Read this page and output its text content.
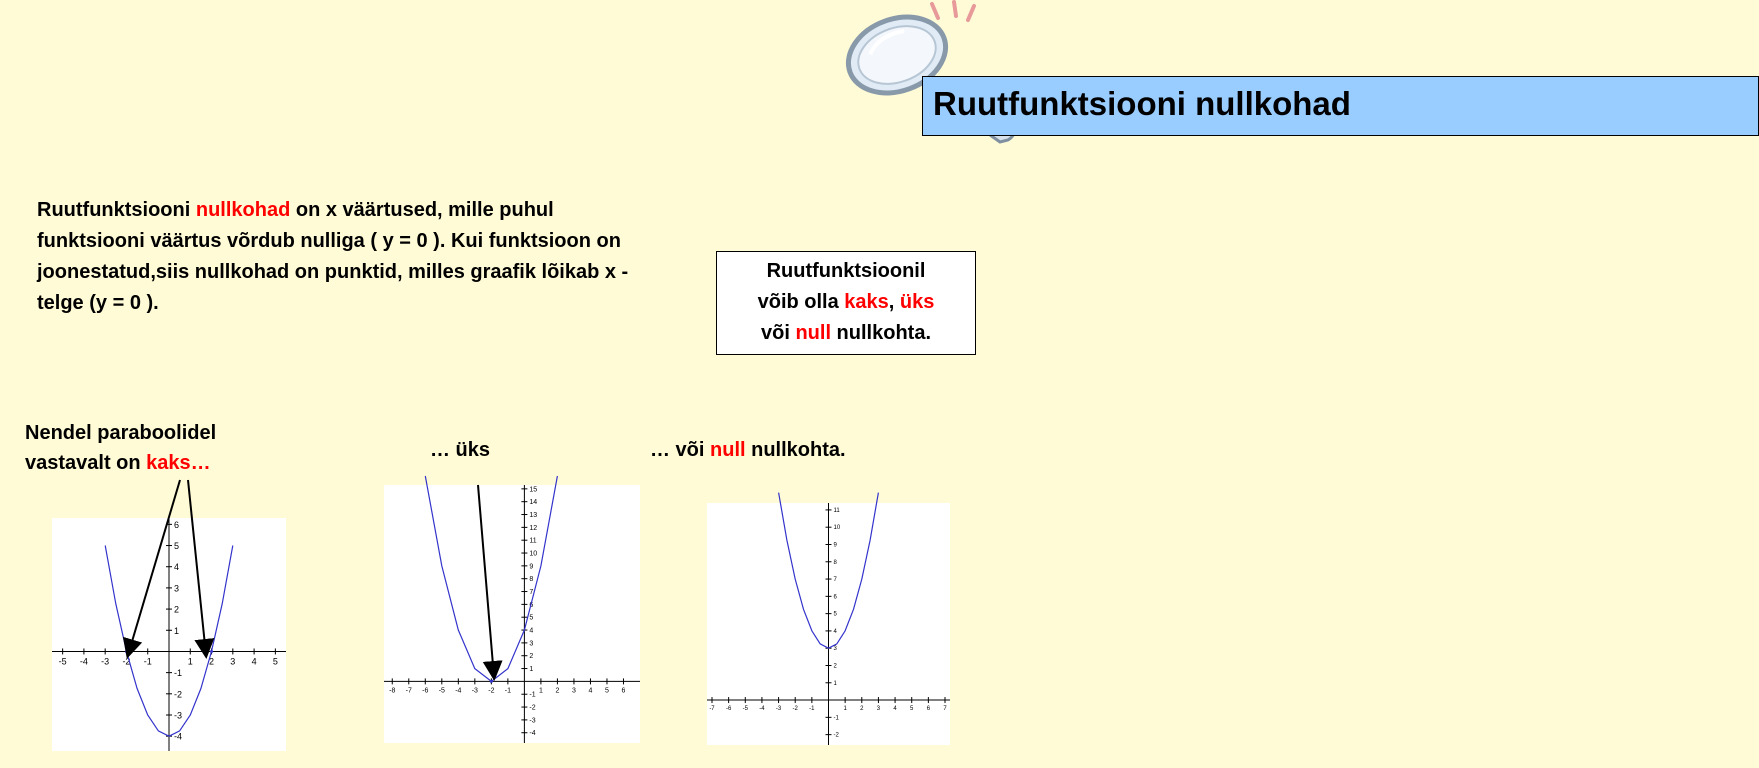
Ruutfunktsiooni nullkohad
Ruutfunktsiooni nullkohad on x väärtused, mille puhul funktsiooni väärtus võrdub nulliga ( y = 0 ). Kui funktsioon on joonestatud,siis nullkohad on punktid, milles graafik lõikab x -telge (y = 0 ).
Ruutfunktsioonil
võib olla kaks, üks
või null nullkohta.
Nendel paraboolidel
vastavalt on kaks…
… üks	… või null nullkohta.
-5 -4 -3 -2 -1	1 2 3 4 5
6
5
4
3
2
1
-1
-2
-3
-4
-8 -7 -6 -5 -4 -3 -2 -1	1 2 3 4 5 6
15
14
13
12
11
10
9
8
7
6
5
4
3
2
1
-1
-2
-3
-4
-7 -6 -5 -4 -3 -2 -1	1 2 3 4 5 6 7
11
10
9
8
7
6
5
4
3
2
1
-1
-2
